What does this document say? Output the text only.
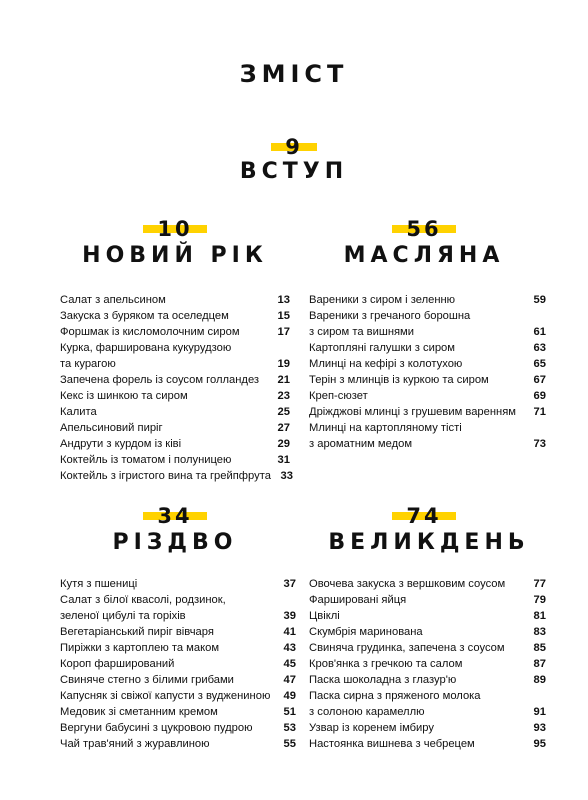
ЗМІСТ
9
ВСТУП
10
НОВИЙ РІК
Салат з апельсином	13
Закуска з буряком та оселедцем	15
Форшмак із кисломолочним сиром	17
Курка, фарширована кукурудзою
та курагою	19
Запечена форель із соусом голландез	21
Кекс із шинкою та сиром	23
Калита	25
Апельсиновий пиріг	27
Андрути з курдом із ківі	29
Коктейль із томатом і полуницею	31
Коктейль з ігристого вина та грейпфрута 33
56
МАСЛЯНА
Вареники з сиром і зеленню	59
Вареники з гречаного борошна
з сиром та вишнями	61
Картопляні галушки з сиром	63
Млинці на кефірі з колотухою	65
Терін з млинців із куркою та сиром	67
Креп-сюзет	69
Дріжджові млинці з грушевим варенням	71
Млинці на картопляному тісті
з ароматним медом	73
34
РІЗДВО
Кутя з пшениці	37
Салат з білої квасолі, родзинок,
зеленої цибулі та горіхів	39
Вегетаріанський пиріг вівчаря	41
Пиріжки з картоплею та маком	43
Короп фарширований	45
Свиняче стегно з білими грибами	47
Капусняк зі свіжої капусти з вуджениною	49
Медовик зі сметанним кремом	51
Вергуни бабусині з цукровою пудрою	53
Чай трав'яний з журавлиною	55
74
ВЕЛИКДЕНЬ
Овочева закуска з вершковим соусом	77
Фаршировані яйця	79
Цвіклі	81
Скумбрія маринована	83
Свиняча грудинка, запечена з соусом	85
Кров'янка з гречкою та салом	87
Паска шоколадна з глазур'ю	89
Паска сирна з пряженого молока
з солоною карамеллю	91
Узвар із коренем імбиру	93
Настоянка вишнева з чебрецем	95
